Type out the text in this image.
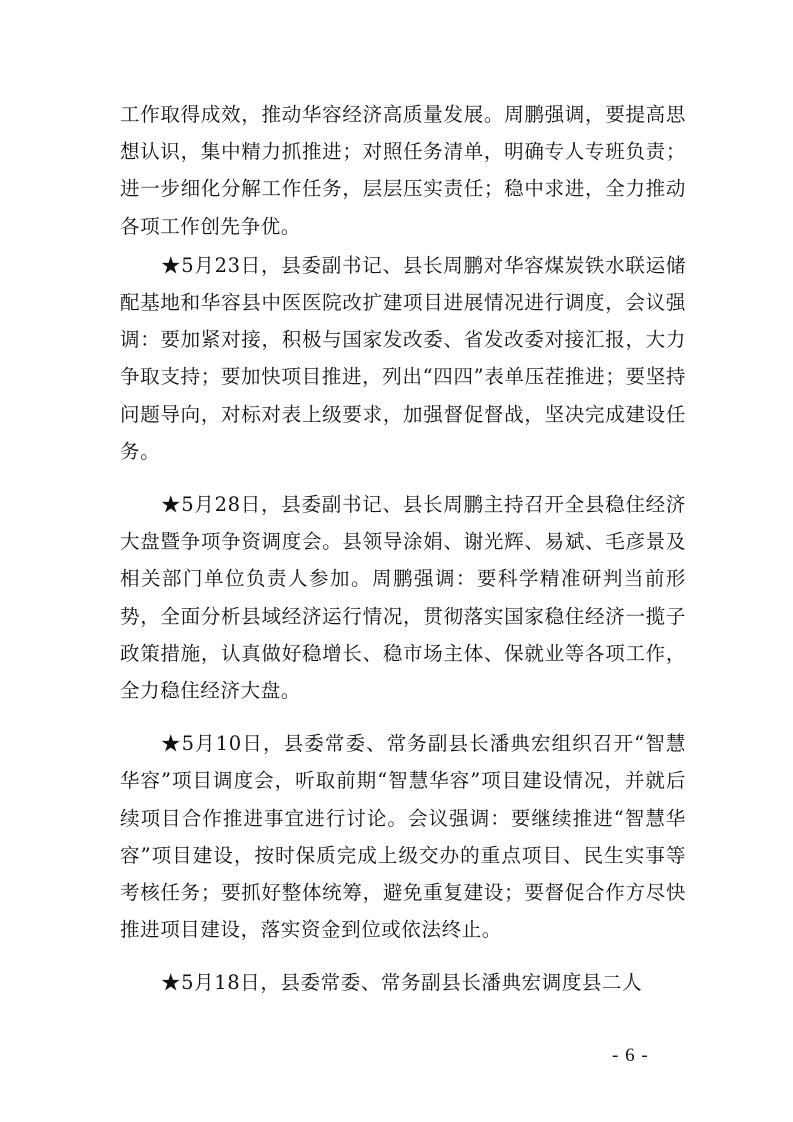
工作取得成效，推动华容经济高质量发展。周鹏强调，要提高思想认识，集中精力抓推进；对照任务清单，明确专人专班负责；进一步细化分解工作任务，层层压实责任；稳中求进，全力推动各项工作创先争优。

★5月23日，县委副书记、县长周鹏对华容煤炭铁水联运储配基地和华容县中医医院改扩建项目进展情况进行调度，会议强调：要加紧对接，积极与国家发改委、省发改委对接汇报，大力争取支持；要加快项目推进，列出“四四”表单压茬推进；要坚持问题导向，对标对表上级要求，加强督促督战，坚决完成建设任务。

★5月28日，县委副书记、县长周鹏主持召开全县稳住经济大盘暨争项争资调度会。县领导涂娟、谢光辉、易斌、毛彦景及相关部门单位负责人参加。周鹏强调：要科学精准研判当前形势，全面分析县域经济运行情况，贯彻落实国家稳住经济一揽子政策措施，认真做好稳增长、稳市场主体、保就业等各项工作，全力稳住经济大盘。

★5月10日，县委常委、常务副县长潘典宏组织召开“智慧华容”项目调度会，听取前期“智慧华容”项目建设情况，并就后续项目合作推进事宜进行讨论。会议强调：要继续推进“智慧华容”项目建设，按时保质完成上级交办的重点项目、民生实事等考核任务；要抓好整体统筹，避免重复建设；要督促合作方尽快推进项目建设，落实资金到位或依法终止。

★5月18日，县委常委、常务副县长潘典宏调度县二人

- 6 -
